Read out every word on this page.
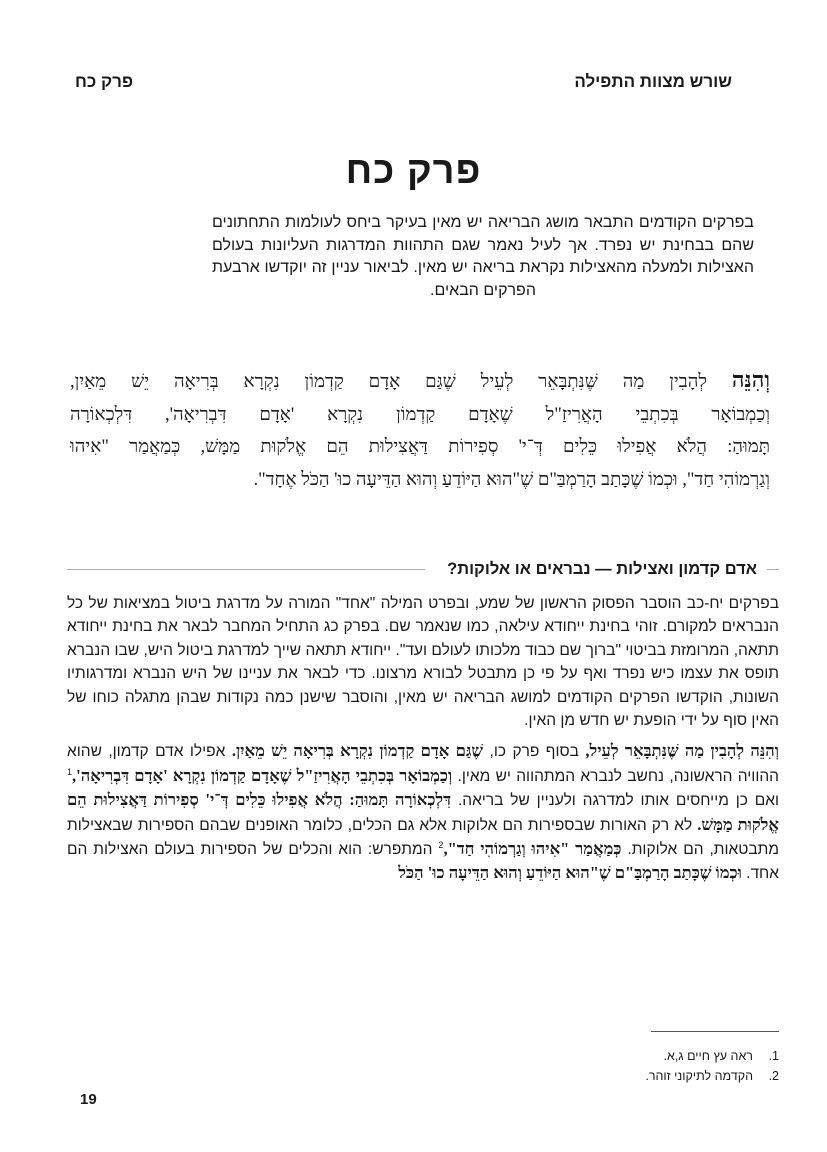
שורש מצוות התפילה
פרק כח
פרק כח
בפרקים הקודמים התבאר מושג הבריאה יש מאין בעיקר ביחס לעולמות התחתונים שהם בבחינת יש נפרד. אך לעיל נאמר שגם התהוות המדרגות העליונות בעולם האצילות ולמעלה מהאצילות נקראת בריאה יש מאין. לביאור עניין זה יוקדשו ארבעת הפרקים הבאים.
וְהִנֵּה לְהָבִין מַה שֶּׁנִּתְבָּאֵר לְעֵיל שֶׁגַּם אָדָם קַדְמוֹן נִקְרָא בְּרִיאָה יֵשׁ מֵאַיִן,
וְכַמְבוֹאָר בְּכִתְבֵי הָאֲרִיזַ"ל שֶׁאָדָם קַדְמוֹן נִקְרָא 'אָדָם דִּבְרִיאָה', דִּלְכְאוֹרָה
תָּמוּהַ: הֲלֹא אֲפִילוּ כֵּלִים דְּ־י' סְפִירוֹת דַּאֲצִילוּת הֵם אֱלֹקוּת מַמָּשׁ, כְּמַאֲמַר "אִיהוּ
וְגַרְמוֹהִי חַד", וּכְמוֹ שֶׁכָּתַב הָרַמְבַּ"ם שֶׁ"הוּא הַיּוֹדֵעַ וְהוּא הַדֵּיעָה כוּ' הַכֹּל אֶחָד".
אדם קדמון ואצילות — נבראים או אלוקות?

בפרקים יח-כב הוסבר הפסוק הראשון של שמע, ובפרט המילה "אחד" המורה על מדרגת ביטול במציאות של כל הנבראים למקורם. זוהי בחינת ייחודא עילאה, כמו שנאמר שם. בפרק כג התחיל המחבר לבאר את בחינת ייחודא תתאה, המרומזת בביטוי "ברוך שם כבוד מלכותו לעולם ועד". ייחודא תתאה שייך למדרגת ביטול היש, שבו הנברא תופס את עצמו כיש נפרד ואף על פי כן מתבטל לבורא מרצונו. כדי לבאר את עניינו של היש הנברא ומדרגותיו השונות, הוקדשו הפרקים הקודמים למושג הבריאה יש מאין, והוסבר שישנן כמה נקודות שבהן מתגלה כוחו של האין סוף על ידי הופעת יש חדש מן האין.

וְהִנֵּה לְהָבִין מַה שֶּׁנִּתְבָּאֵר לְעֵיל, בסוף פרק כו, שֶׁגַּם אָדָם קַדְמוֹן נִקְרָא בְּרִיאָה יֵשׁ מֵאַיִן. אפילו אדם קדמון, שהוא ההוויה הראשונה, נחשב לנברא המתהווה יש מאין. וְכַמְבוֹאָר בְּכִתְבֵי הָאֲרִיזַ"ל שֶׁאָדָם קַדְמוֹן נִקְרָא 'אָדָם דִּבְרִיאָה',$^1$ ואם כן מייחסים אותו למדרגה ולעניין של בריאה. דִּלְכְאוֹרָה תָּמוּהַ: הֲלֹא אֲפִילוּ כֵּלִים דְּ־י' סְפִירוֹת דַּאֲצִילוּת הֵם אֱלֹקוּת מַמָּשׁ. לא רק האורות שבספירות הם אלוקות אלא גם הכלים, כלומר האופנים שבהם הספירות שבאצילות מתבטאות, הם אלוקות. כְּמַאֲמַר "אִיהוּ וְגַרְמוֹהִי חַד",$^2$ המתפרש: הוא והכלים של הספירות בעולם האצילות הם אחד. וּכְמוֹ שֶׁכָּתַב הָרַמְבַּ"ם שֶׁ"הוּא הַיּוֹדֵעַ וְהוּא הַדֵּיעָה כוּ' הַכֹּל

1.
ראה עץ חיים ג,א.
2.
הקדמה לתיקוני זוהר.
19
